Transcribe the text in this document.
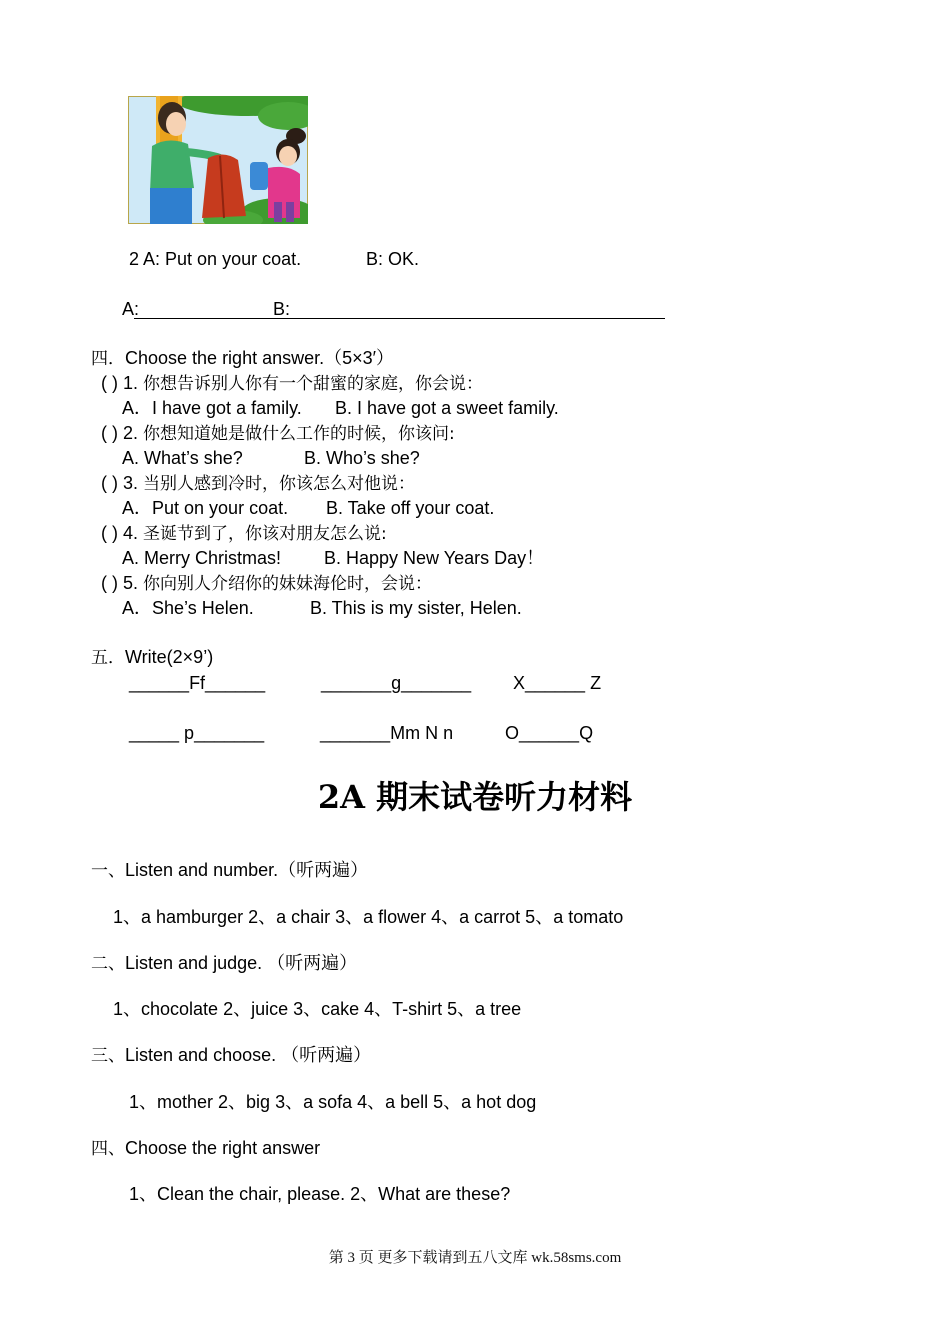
2 A: Put on your coat.	B: OK.
A:	B:
四．Choose the right answer.（5×3′）
( ) 1. 你想告诉别人你有一个甜蜜的家庭，你会说：
A．I have got a family. B. I have got a sweet family.
( ) 2. 你想知道她是做什么工作的时候，你该问:
A. What’s she?	B. Who’s she?
( ) 3. 当别人感到冷时，你该怎么对他说：
A．Put on your coat. B. Take off your coat.
( ) 4. 圣诞节到了，你该对朋友怎么说:
A. Merry Christmas! B. Happy New Years Day！
( ) 5. 你向别人介绍你的妹妹海伦时，会说：
A．She’s Helen.	B. This is my sister, Helen.
五．Write(2×9’)
______Ff______	_______g_______ X______ Z
_____ p_______	_______Mm N n	O______Q
2A 期末试卷听力材料
一、Listen and number.（听两遍）
1、a hamburger 2、a chair 3、a flower 4、a carrot 5、a tomato
二、Listen and judge. （听两遍）
1、chocolate 2、juice 3、cake 4、T-shirt 5、a tree
三、Listen and choose. （听两遍）
1、mother 2、big 3、a sofa 4、a bell 5、a hot dog
四、Choose the right answer
1、Clean the chair, please. 2、What are these?
第 3 页 更多下载请到五八文库 wk.58sms.com
